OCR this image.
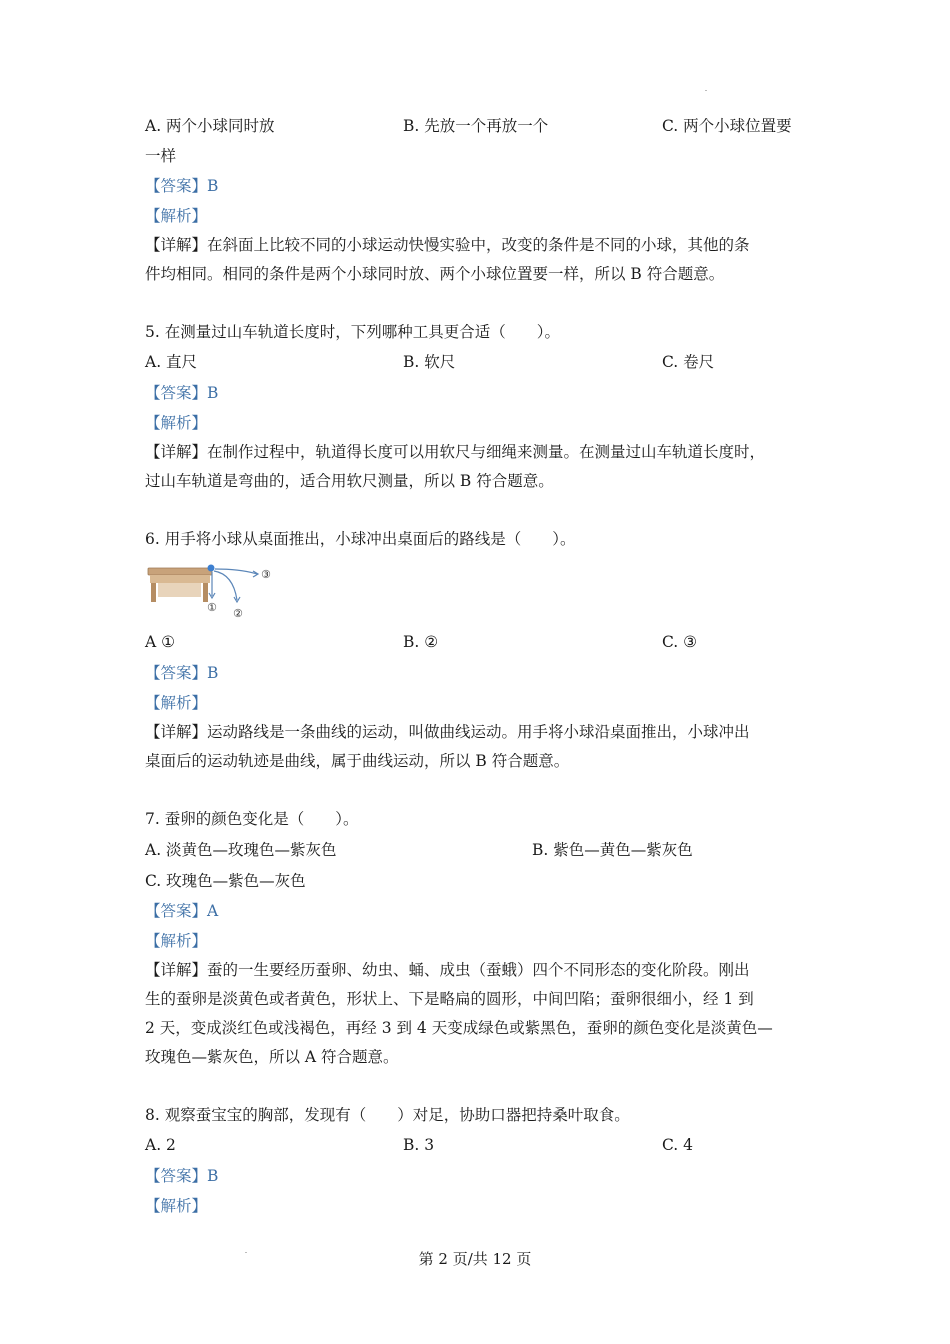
A. 两个小球同时放	B. 先放一个再放一个	C. 两个小球位置要
一样
【答案】B
【解析】
【详解】在斜面上比较不同的小球运动快慢实验中，改变的条件是不同的小球，其他的条
件均相同。相同的条件是两个小球同时放、两个小球位置要一样，所以 B 符合题意。
5. 在测量过山车轨道长度时，下列哪种工具更合适（　　）。
A. 直尺	B. 软尺	C. 卷尺
【答案】B
【解析】
【详解】在制作过程中，轨道得长度可以用软尺与细绳来测量。在测量过山车轨道长度时，
过山车轨道是弯曲的，适合用软尺测量，所以 B 符合题意。
6. 用手将小球从桌面推出，小球冲出桌面后的路线是（　　）。
① ②
③
A ①	B. ②	C. ③
【答案】B
【解析】
【详解】运动路线是一条曲线的运动，叫做曲线运动。用手将小球沿桌面推出，小球冲出
桌面后的运动轨迹是曲线，属于曲线运动，所以 B 符合题意。
7. 蚕卵的颜色变化是（　　）。
A. 淡黄色—玫瑰色—紫灰色	B. 紫色—黄色—紫灰色
C. 玫瑰色—紫色—灰色
【答案】A
【解析】
【详解】蚕的一生要经历蚕卵、幼虫、蛹、成虫（蚕蛾）四个不同形态的变化阶段。刚出
生的蚕卵是淡黄色或者黄色，形状上、下是略扁的圆形，中间凹陷；蚕卵很细小，经 1 到
2 天，变成淡红色或浅褐色，再经 3 到 4 天变成绿色或紫黑色，蚕卵的颜色变化是淡黄色—
玫瑰色—紫灰色，所以 A 符合题意。
8. 观察蚕宝宝的胸部，发现有（　　）对足，协助口器把持桑叶取食。
A. 2	B. 3	C. 4
【答案】B
【解析】
第 2 页/共 12 页
